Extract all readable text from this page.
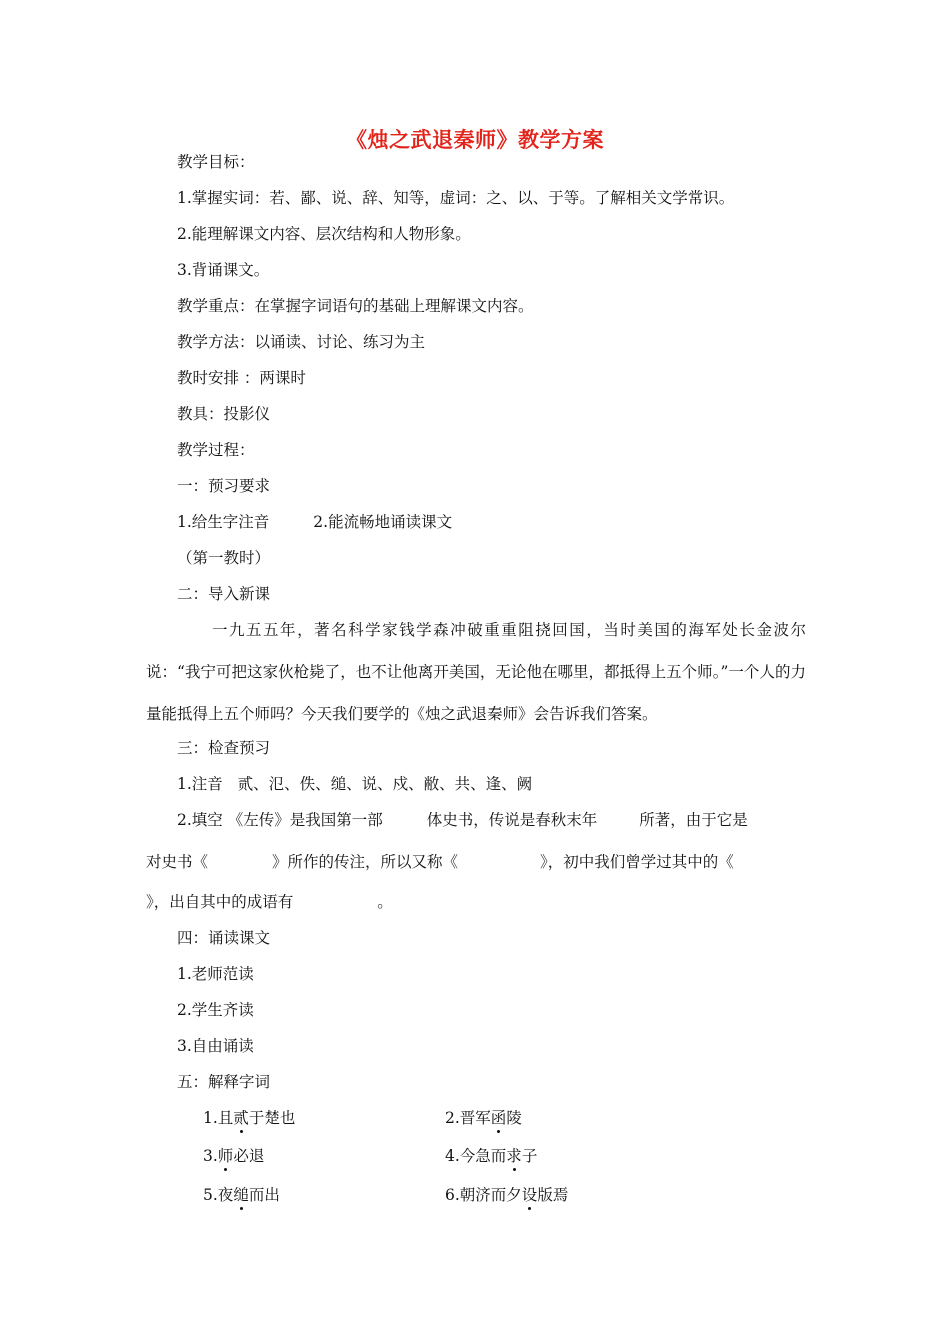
《烛之武退秦师》教学方案
教学目标：
1.掌握实词：若、鄙、说、辞、知等，虚词：之、以、于等。了解相关文学常识。
2.能理解课文内容、层次结构和人物形象。
3.背诵课文。
教学重点：在掌握字词语句的基础上理解课文内容。
教学方法：以诵读、讨论、练习为主
教时安排 ：两课时
教具：投影仪
教学过程：
一：预习要求
1.给生字注音	2.能流畅地诵读课文
（第一教时）
二：导入新课
一九五五年，著名科学家钱学森冲破重重阻挠回国，当时美国的海军处长金波尔说：“我宁可把这家伙枪毙了，也不让他离开美国，无论他在哪里，都抵得上五个师。”一个人的力量能抵得上五个师吗？今天我们要学的《烛之武退秦师》会告诉我们答案。
三：检查预习
1.注音   贰、氾、佚、缒、说、戍、敝、共、逢、阙
2.填空 《左传》是我国第一部	体史书，传说是春秋末年	所著，由于它是
对史书《	》所作的传注，所以又称《	》，初中我们曾学过其中的《
》，出自其中的成语有	。
四：诵读课文
1.老师范读
2.学生齐读
3.自由诵读
五：解释字词
1.且贰于楚也	2.晋军函陵
3.师必退	4.今急而求子
5.夜缒而出	6.朝济而夕设版焉
